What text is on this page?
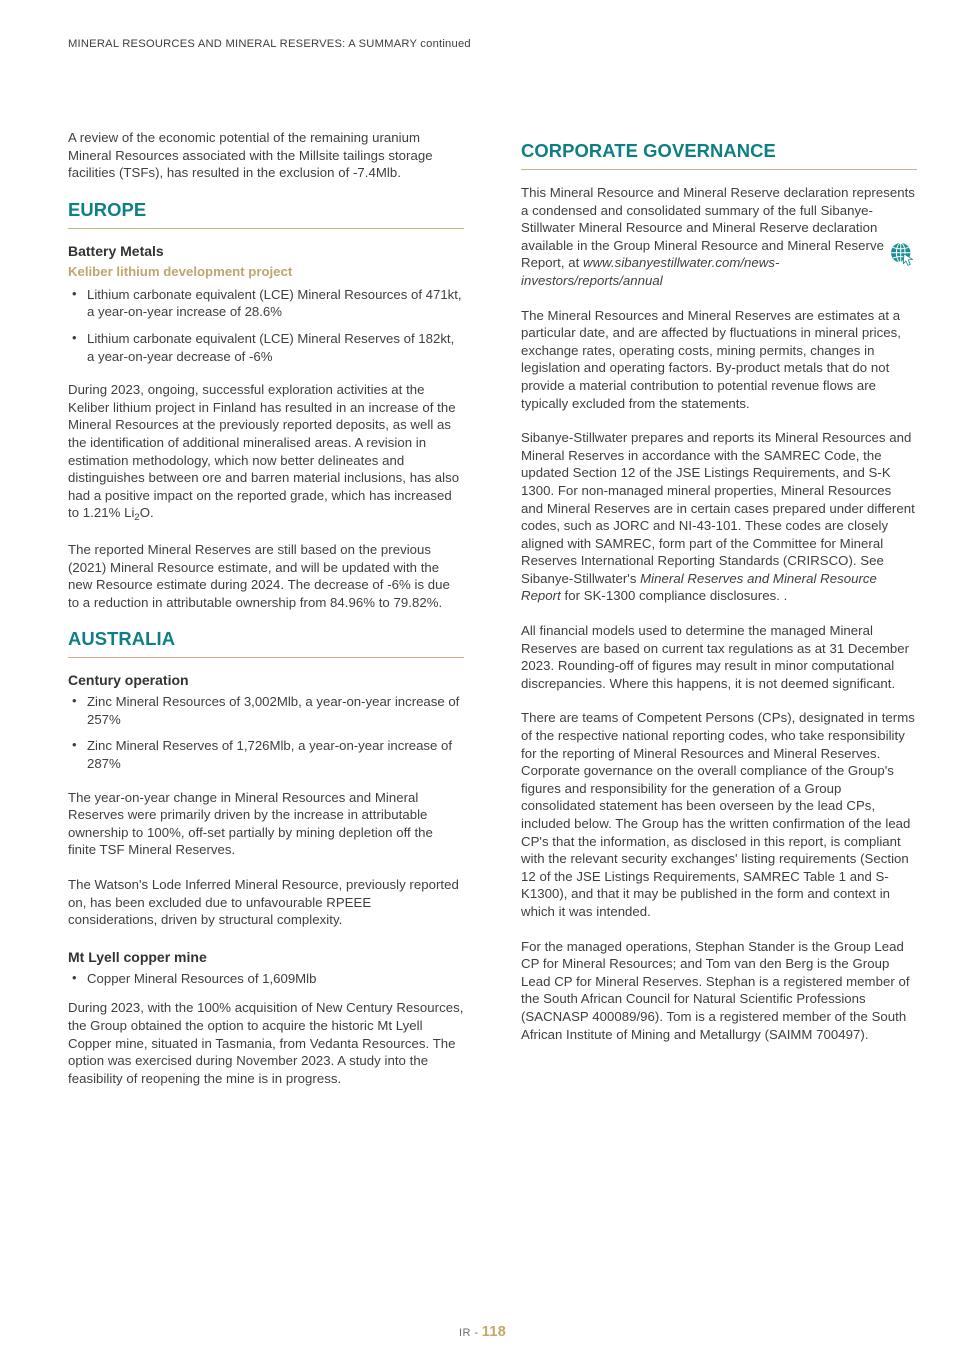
MINERAL RESOURCES AND MINERAL RESERVES: A SUMMARY continued

A review of the economic potential of the remaining uranium Mineral Resources associated with the Millsite tailings storage facilities (TSFs), has resulted in the exclusion of -7.4Mlb.

EUROPE
Battery Metals
Keliber lithium development project
• Lithium carbonate equivalent (LCE) Mineral Resources of 471kt, a year-on-year increase of 28.6%
• Lithium carbonate equivalent (LCE) Mineral Reserves of 182kt, a year-on-year decrease of -6%

During 2023, ongoing, successful exploration activities at the Keliber lithium project in Finland has resulted in an increase of the Mineral Resources at the previously reported deposits, as well as the identification of additional mineralised areas. A revision in estimation methodology, which now better delineates and distinguishes between ore and barren material inclusions, has also had a positive impact on the reported grade, which has increased to 1.21% $Li_2O$.

The reported Mineral Reserves are still based on the previous (2021) Mineral Resource estimate, and will be updated with the new Resource estimate during 2024. The decrease of -6% is due to a reduction in attributable ownership from 84.96% to 79.82%.

AUSTRALIA
Century operation
• Zinc Mineral Resources of 3,002Mlb, a year-on-year increase of 257%
• Zinc Mineral Reserves of 1,726Mlb, a year-on-year increase of 287%

The year-on-year change in Mineral Resources and Mineral Reserves were primarily driven by the increase in attributable ownership to 100%, off-set partially by mining depletion off the finite TSF Mineral Reserves.

The Watson's Lode Inferred Mineral Resource, previously reported on, has been excluded due to unfavourable RPEEE considerations, driven by structural complexity.

Mt Lyell copper mine
• Copper Mineral Resources of 1,609Mlb

During 2023, with the 100% acquisition of New Century Resources, the Group obtained the option to acquire the historic Mt Lyell Copper mine, situated in Tasmania, from Vedanta Resources. The option was exercised during November 2023. A study into the feasibility of reopening the mine is in progress.

CORPORATE GOVERNANCE

This Mineral Resource and Mineral Reserve declaration represents a condensed and consolidated summary of the full Sibanye-Stillwater Mineral Resource and Mineral Reserve declaration available in the Group Mineral Resource and Mineral Reserve Report, at www.sibanyestillwater.com/news-investors/reports/annual

The Mineral Resources and Mineral Reserves are estimates at a particular date, and are affected by fluctuations in mineral prices, exchange rates, operating costs, mining permits, changes in legislation and operating factors. By-product metals that do not provide a material contribution to potential revenue flows are typically excluded from the statements.

Sibanye-Stillwater prepares and reports its Mineral Resources and Mineral Reserves in accordance with the SAMREC Code, the updated Section 12 of the JSE Listings Requirements, and S-K 1300. For non-managed mineral properties, Mineral Resources and Mineral Reserves are in certain cases prepared under different codes, such as JORC and NI-43-101. These codes are closely aligned with SAMREC, form part of the Committee for Mineral Reserves International Reporting Standards (CRIRSCO). See Sibanye-Stillwater's Mineral Reserves and Mineral Resource Report for SK-1300 compliance disclosures. .

All financial models used to determine the managed Mineral Reserves are based on current tax regulations as at 31 December 2023. Rounding-off of figures may result in minor computational discrepancies. Where this happens, it is not deemed significant.

There are teams of Competent Persons (CPs), designated in terms of the respective national reporting codes, who take responsibility for the reporting of Mineral Resources and Mineral Reserves. Corporate governance on the overall compliance of the Group's figures and responsibility for the generation of a Group consolidated statement has been overseen by the lead CPs, included below. The Group has the written confirmation of the lead CP's that the information, as disclosed in this report, is compliant with the relevant security exchanges' listing requirements (Section 12 of the JSE Listings Requirements, SAMREC Table 1 and S-K1300), and that it may be published in the form and context in which it was intended.

For the managed operations, Stephan Stander is the Group Lead CP for Mineral Resources; and Tom van den Berg is the Group Lead CP for Mineral Reserves. Stephan is a registered member of the South African Council for Natural Scientific Professions (SACNASP 400089/96). Tom is a registered member of the South African Institute of Mining and Metallurgy (SAIMM 700497).

IR - 118
